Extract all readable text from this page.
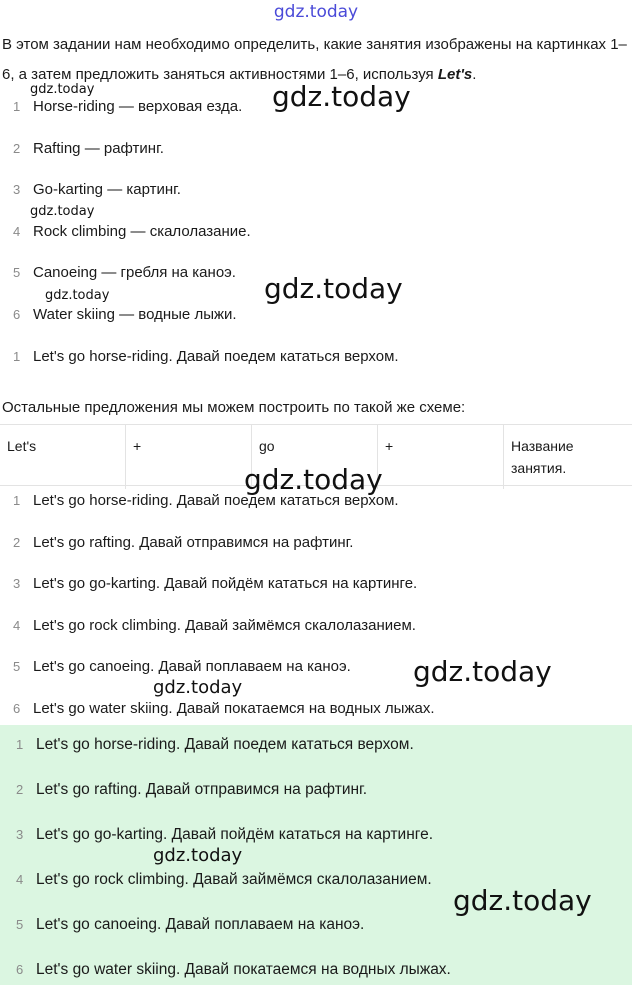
gdz.today
В этом задании нам необходимо определить, какие занятия изображены на картинках 1–6, а затем предложить заняться активностями 1–6, используя Let's.
1 Horse-riding — верховая езда.
2 Rafting — рафтинг.
3 Go-karting — картинг.
4 Rock climbing — скалолазание.
5 Canoeing — гребля на каноэ.
6 Water skiing — водные лыжи.
1 Let's go horse-riding. Давай поедем кататься верхом.
Остальные предложения мы можем построить по такой же схеме:
Let's	+	go	+	Название занятия.
1 Let's go horse-riding. Давай поедем кататься верхом.
2 Let's go rafting. Давай отправимся на рафтинг.
3 Let's go go-karting. Давай пойдём кататься на картинге.
4 Let's go rock climbing. Давай займёмся скалолазанием.
5 Let's go canoeing. Давай поплаваем на каноэ.
6 Let's go water skiing. Давай покатаемся на водных лыжах.
1 Let's go horse-riding. Давай поедем кататься верхом.
2 Let's go rafting. Давай отправимся на рафтинг.
3 Let's go go-karting. Давай пойдём кататься на картинге.
4 Let's go rock climbing. Давай займёмся скалолазанием.
5 Let's go canoeing. Давай поплаваем на каноэ.
6 Let's go water skiing. Давай покатаемся на водных лыжах.
gdz.today	gdz.today
gdz.today
gdz.today
gdz.today
gdz.today
gdz.today
gdz.today
gdz.today
gdz.today
